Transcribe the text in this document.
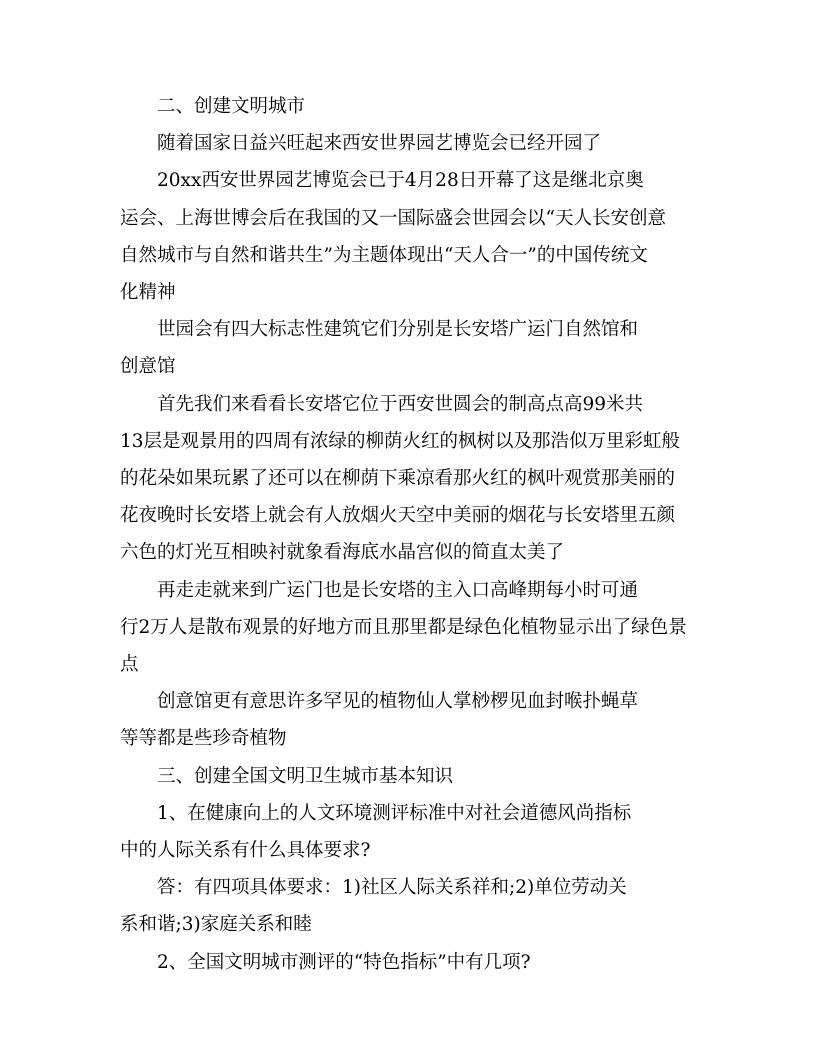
二、创建文明城市

随着国家日益兴旺起来西安世界园艺博览会已经开园了

20xx西安世界园艺博览会已于4月28日开幕了这是继北京奥
运会、上海世博会后在我国的又一国际盛会世园会以“天人长安创意
自然城市与自然和谐共生”为主题体现出“天人合一”的中国传统文
化精神

世园会有四大标志性建筑它们分别是长安塔广运门自然馆和
创意馆

首先我们来看看长安塔它位于西安世圆会的制高点高99米共
13层是观景用的四周有浓绿的柳荫火红的枫树以及那浩似万里彩虹般
的花朵如果玩累了还可以在柳荫下乘凉看那火红的枫叶观赏那美丽的
花夜晚时长安塔上就会有人放烟火天空中美丽的烟花与长安塔里五颜
六色的灯光互相映衬就象看海底水晶宫似的简直太美了

再走走就来到广运门也是长安塔的主入口高峰期每小时可通
行2万人是散布观景的好地方而且那里都是绿色化植物显示出了绿色景
点

创意馆更有意思许多罕见的植物仙人掌桫椤见血封喉扑蝇草
等等都是些珍奇植物

三、创建全国文明卫生城市基本知识

1、在健康向上的人文环境测评标准中对社会道德风尚指标
中的人际关系有什么具体要求?

答：有四项具体要求：1)社区人际关系祥和;2)单位劳动关
系和谐;3)家庭关系和睦

2、全国文明城市测评的“特色指标”中有几项?
